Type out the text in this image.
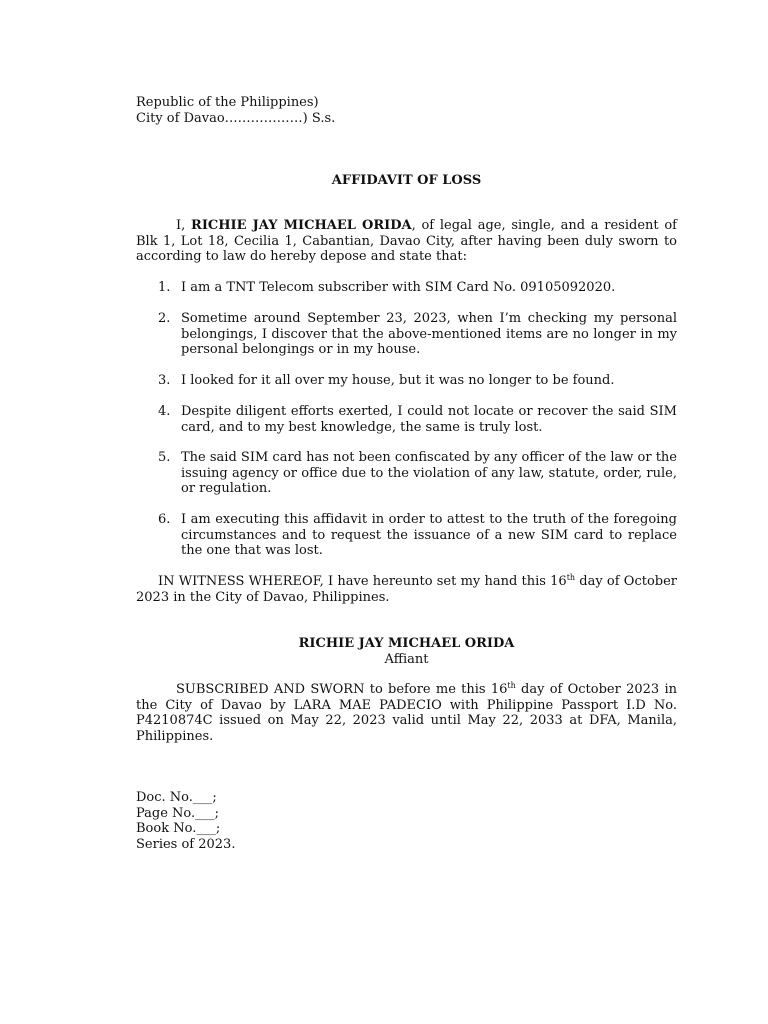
Republic of the Philippines)
City of Davao………………) S.s.
AFFIDAVIT OF LOSS

I, RICHIE JAY MICHAEL ORIDA, of legal age, single, and a resident of Blk 1, Lot 18, Cecilia 1, Cabantian, Davao City, after having been duly sworn to according to law do hereby depose and state that:

1. I am a TNT Telecom subscriber with SIM Card No. 09105092020.
2. Sometime around September 23, 2023, when I’m checking my personal belongings, I discover that the above-mentioned items are no longer in my personal belongings or in my house.
3. I looked for it all over my house, but it was no longer to be found.
4. Despite diligent efforts exerted, I could not locate or recover the said SIM card, and to my best knowledge, the same is truly lost.
5. The said SIM card has not been confiscated by any officer of the law or the issuing agency or office due to the violation of any law, statute, order, rule, or regulation.
6. I am executing this affidavit in order to attest to the truth of the foregoing circumstances and to request the issuance of a new SIM card to replace the one that was lost.

IN WITNESS WHEREOF, I have hereunto set my hand this 16th day of October 2023 in the City of Davao, Philippines.

RICHIE JAY MICHAEL ORIDA
Affiant

SUBSCRIBED AND SWORN to before me this 16th day of October 2023 in the City of Davao by LARA MAE PADECIO with Philippine Passport I.D No. P4210874C issued on May 22, 2023 valid until May 22, 2033 at DFA, Manila, Philippines.

Doc. No.___;
Page No.___;
Book No.___;
Series of 2023.
